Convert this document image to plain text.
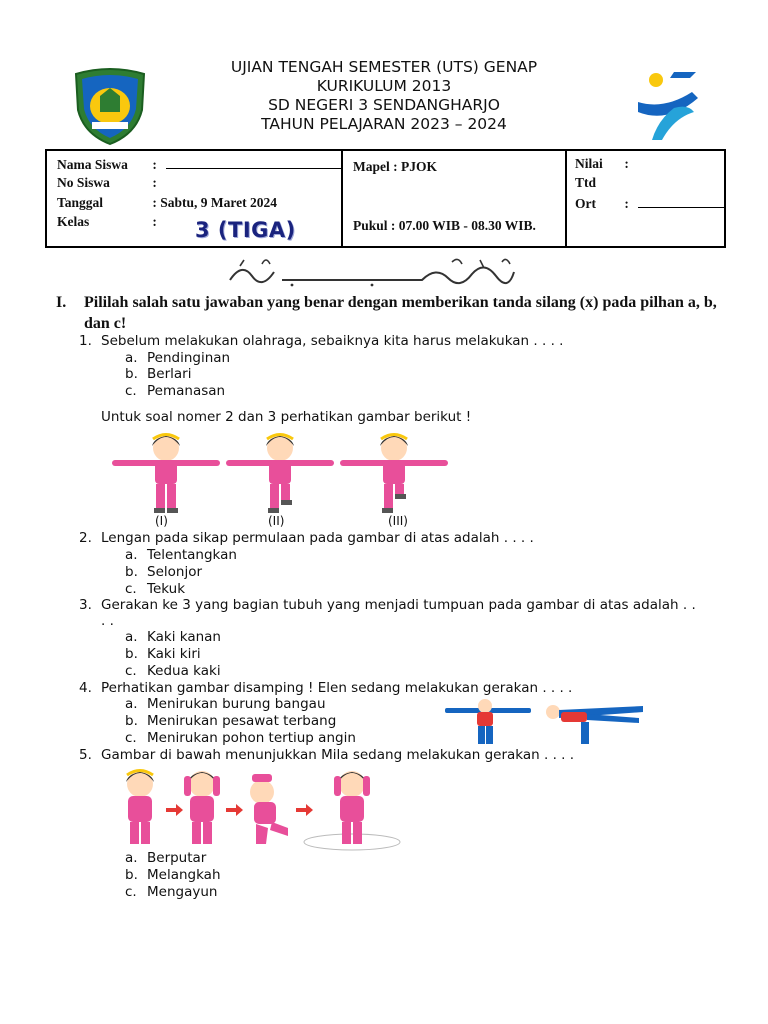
UJIAN TENGAH SEMESTER (UTS) GENAP
KURIKULUM 2013
SD NEGERI 3 SENDANGHARJO
TAHUN PELAJARAN 2023 – 2024
Nama Siswa :
No Siswa	:
Tanggal	: Sabtu, 9 Maret 2024
Kelas	: 3 (TIGA)
Mapel : PJOK
Pukul : 07.00 WIB - 08.30 WIB.
Nilai :
Ttd
Ort :
I. Pililah salah satu jawaban yang benar dengan memberikan tanda silang (x) pada pilhan a, b, dan c!
1. Sebelum melakukan olahraga, sebaiknya kita harus melakukan . . . .
a. Pendinginan
b. Berlari
c. Pemanasan
Untuk soal nomer 2 dan 3 perhatikan gambar berikut !
(I)	(II)	(III)
2. Lengan pada sikap permulaan pada gambar di atas adalah . . . .
a. Telentangkan
b. Selonjor
c. Tekuk
3. Gerakan ke 3 yang bagian tubuh yang menjadi tumpuan pada gambar di atas adalah . .
. .
a. Kaki kanan
b. Kaki kiri
c. Kedua kaki
4. Perhatikan gambar disamping ! Elen sedang melakukan gerakan . . . .
a. Menirukan burung bangau
b. Menirukan pesawat terbang
c. Menirukan pohon tertiup angin
5. Gambar di bawah menunjukkan Mila sedang melakukan gerakan . . . .
a. Berputar
b. Melangkah
c. Mengayun
